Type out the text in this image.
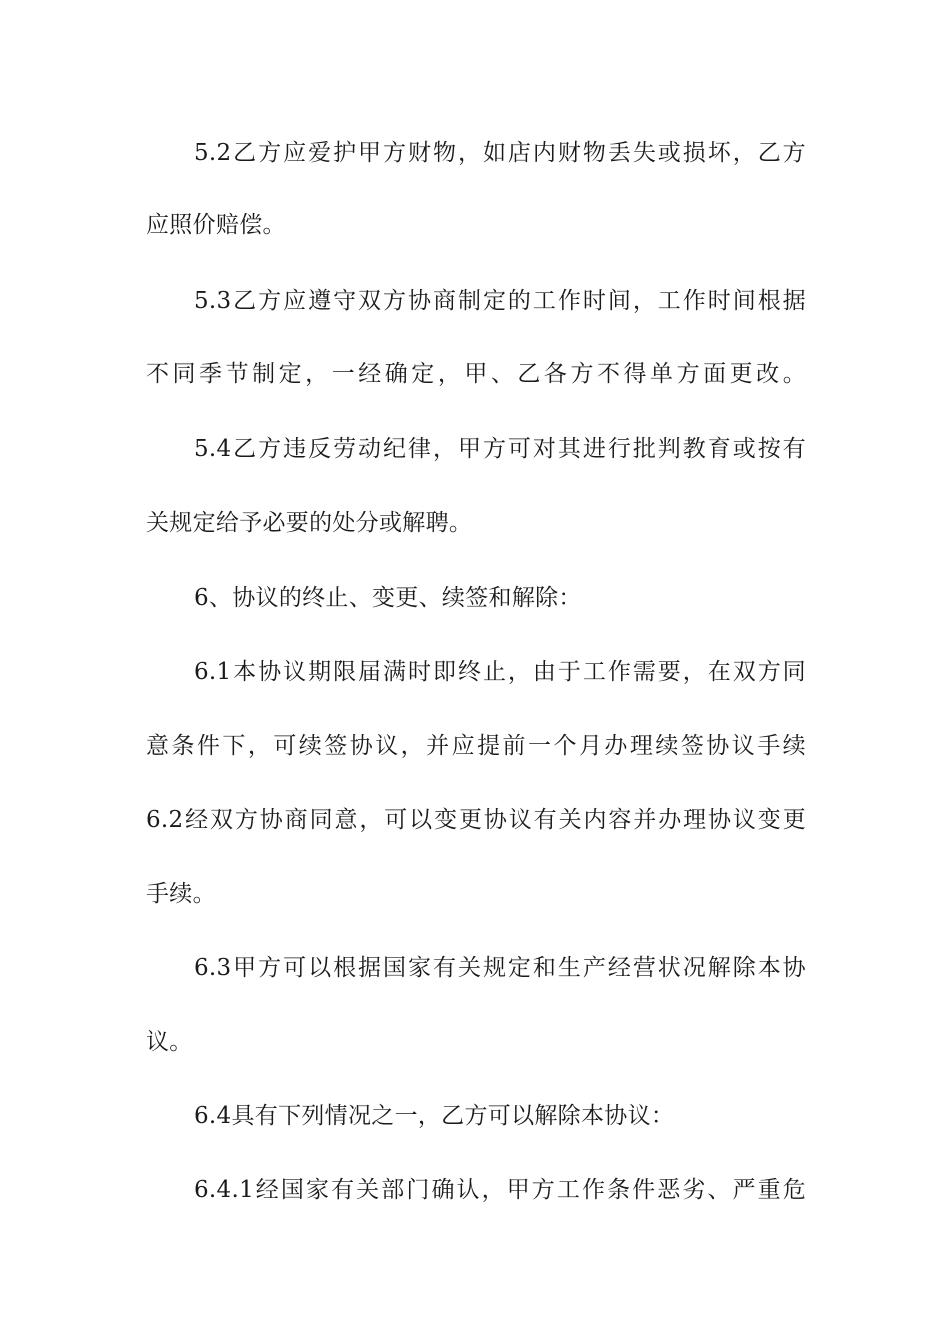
5.2乙方应爱护甲方财物，如店内财物丢失或损坏，乙方
应照价赔偿。
5.3乙方应遵守双方协商制定的工作时间，工作时间根据
不同季节制定，一经确定，甲、乙各方不得单方面更改。
5.4乙方违反劳动纪律，甲方可对其进行批判教育或按有
关规定给予必要的处分或解聘。
6、协议的终止、变更、续签和解除：
6.1本协议期限届满时即终止，由于工作需要，在双方同
意条件下，可续签协议，并应提前一个月办理续签协议手续
6.2经双方协商同意，可以变更协议有关内容并办理协议变更
手续。
6.3甲方可以根据国家有关规定和生产经营状况解除本协
议。
6.4具有下列情况之一，乙方可以解除本协议：
6.4.1经国家有关部门确认，甲方工作条件恶劣、严重危
